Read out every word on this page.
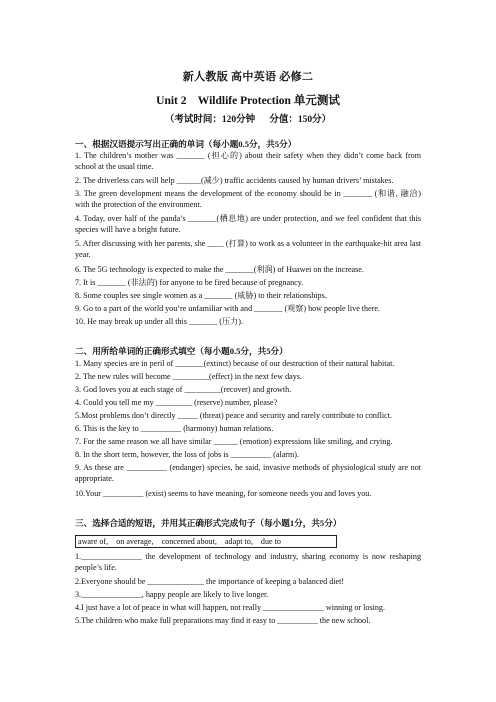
新人教版 高中英语 必修二
Unit 2    Wildlife Protection 单元测试
（考试时间：120分钟      分值：150分）
一、根据汉语提示写出正确的单词（每小题0.5分，共5分）
1. The children’s mother was _______ (担心的) about their safety when they didn’t come back from school at the usual time.
2. The driverless cars will help ______(减少) traffic accidents caused by human drivers’ mistakes.
3. The green development means the development of the economy should be in _______ (和谐, 融洽) with the protection of the environment.
4. Today, over half of the panda’s _______(栖息地) are under protection, and we feel confident that this species will have a bright future.
5. After discussing with her parents, she ____ (打算) to work as a volunteer in the earthquake-hit area last year.
6. The 5G technology is expected to make the _______(利润) of Huawei on the increase.
7. It is _______ (非法的) for anyone to be fired because of pregnancy.
8. Some couples see single women as a _______ (威胁) to their relationships.
9. Go to a part of the world you’re unfamiliar with and _______ (观察) how people live there.
10. He may break up under all this _______ (压力).
二、用所给单词的正确形式填空（每小题0.5分，共5分）
1. Many species are in peril of _______(extinct) because of our destruction of their natural habitat.
2. The new rules will become _________(effect) in the next few days.
3. God loves you at each stage of _________(recover) and growth.
4. Could you tell me my _________ (reserve) number, please?
5.Most problems don’t directly _____ (threat) peace and security and rarely contribute to conflict.
6. This is the key to __________ (harmony) human relations.
7. For the same reason we all have similar ______ (emotion) expressions like smiling, and crying.
8. In the short term, however, the loss of jobs is __________ (alarm).
9. As these are __________ (endanger) species, he said, invasive methods of physiological study are not appropriate.
10.Your __________ (exist) seems to have meaning, for someone needs you and loves you.
三、选择合适的短语，并用其正确形式完成句子（每小题1分，共5分）
aware of,    on average,    concerned about,    adapt to,    due to
1._______________ the development of technology and industry, sharing economy is now reshaping people’s life.
2.Everyone should be ______________ the importance of keeping a balanced diet!
3._______________, happy people are likely to live longer.
4.I just have a lot of peace in what will happen, not really _______________ winning or losing.
5.The children who make full preparations may find it easy to __________ the new school.
